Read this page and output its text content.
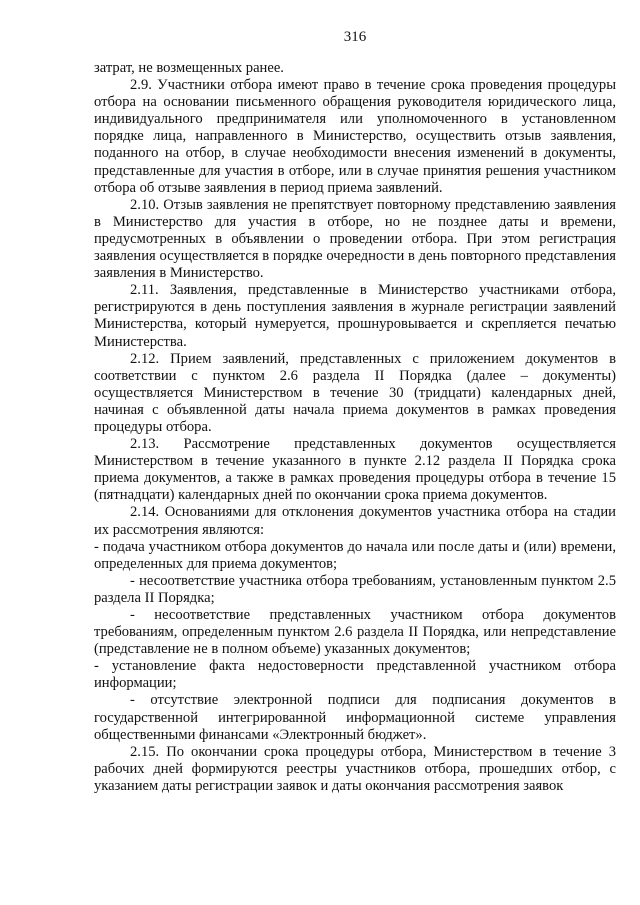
316

затрат, не возмещенных ранее.

2.9. Участники отбора имеют право в течение срока проведения процедуры отбора на основании письменного обращения руководителя юридического лица, индивидуального предпринимателя или уполномоченного в установленном порядке лица, направленного в Министерство, осуществить отзыв заявления, поданного на отбор, в случае необходимости внесения изменений в документы, представленные для участия в отборе, или в случае принятия решения участником отбора об отзыве заявления в период приема заявлений.

2.10. Отзыв заявления не препятствует повторному представлению заявления в Министерство для участия в отборе, но не позднее даты и времени, предусмотренных в объявлении о проведении отбора. При этом регистрация заявления осуществляется в порядке очередности в день повторного представления заявления в Министерство.

2.11. Заявления, представленные в Министерство участниками отбора, регистрируются в день поступления заявления в журнале регистрации заявлений Министерства, который нумеруется, прошнуровывается и скрепляется печатью Министерства.

2.12. Прием заявлений, представленных с приложением документов в соответствии с пунктом 2.6 раздела II Порядка (далее – документы) осуществляется Министерством в течение 30 (тридцати) календарных дней, начиная с объявленной даты начала приема документов в рамках проведения процедуры отбора.

2.13. Рассмотрение представленных документов осуществляется Министерством в течение указанного в пункте 2.12 раздела II Порядка срока приема документов, а также в рамках проведения процедуры отбора в течение 15 (пятнадцати) календарных дней по окончании срока приема документов.

2.14. Основаниями для отклонения документов участника отбора на стадии их рассмотрения являются:

- подача участником отбора документов до начала или после даты и (или) времени, определенных для приема документов;

- несоответствие участника отбора требованиям, установленным пунктом 2.5 раздела II Порядка;

- несоответствие представленных участником отбора документов требованиям, определенным пунктом 2.6 раздела II Порядка, или непредставление (представление не в полном объеме) указанных документов;

- установление факта недостоверности представленной участником отбора информации;

- отсутствие электронной подписи для подписания документов в государственной интегрированной информационной системе управления общественными финансами «Электронный бюджет».

2.15. По окончании срока процедуры отбора, Министерством в течение 3 рабочих дней формируются реестры участников отбора, прошедших отбор, с указанием даты регистрации заявок и даты окончания рассмотрения заявок
